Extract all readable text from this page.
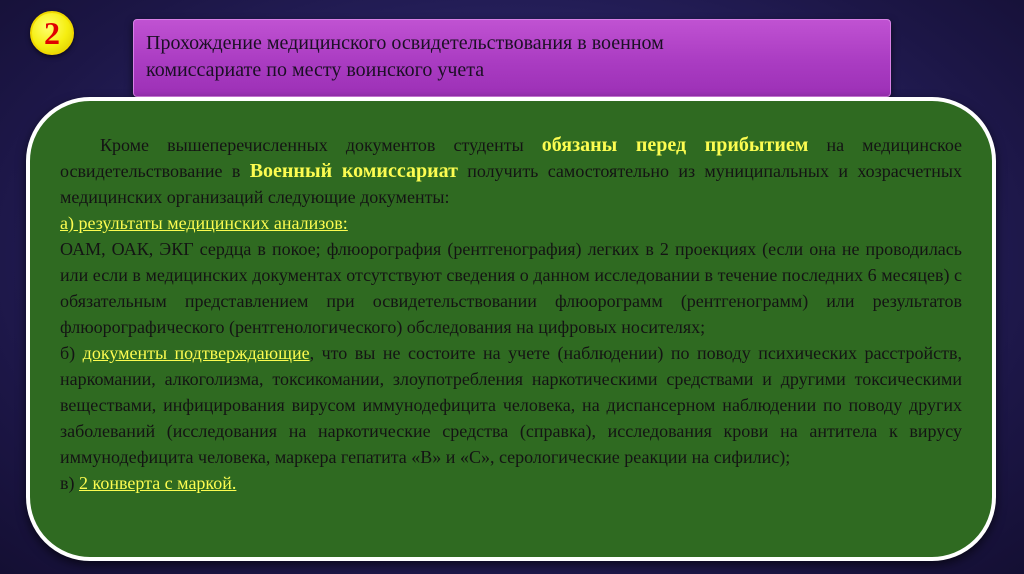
2	Прохождение медицинского освидетельствования в военном
комиссариате по месту воинского учета

Кроме вышеперечисленных документов студенты обязаны перед прибытием на медицинское освидетельствование в Военный комиссариат получить самостоятельно из муниципальных и хозрасчетных медицинских организаций следующие документы:

а) результаты медицинских анализов:

ОАМ, ОАК, ЭКГ сердца в покое; флюорография (рентгенография) легких в 2 проекциях (если она не проводилась или если в медицинских документах отсутствуют сведения о данном исследовании в течение последних 6 месяцев) с обязательным представлением при освидетельствовании флюорограмм (рентгенограмм) или результатов флюорографического (рентгенологического) обследования на цифровых носителях;

б) документы подтверждающие, что вы не состоите на учете (наблюдении) по поводу психических расстройств, наркомании, алкоголизма, токсикомании, злоупотребления наркотическими средствами и другими токсическими веществами, инфицирования вирусом иммунодефицита человека, на диспансерном наблюдении по поводу других заболеваний (исследования на наркотические средства (справка), исследования крови на антитела к вирусу иммунодефицита человека, маркера гепатита «В» и «С», серологические реакции на сифилис);

в) 2 конверта с маркой.
